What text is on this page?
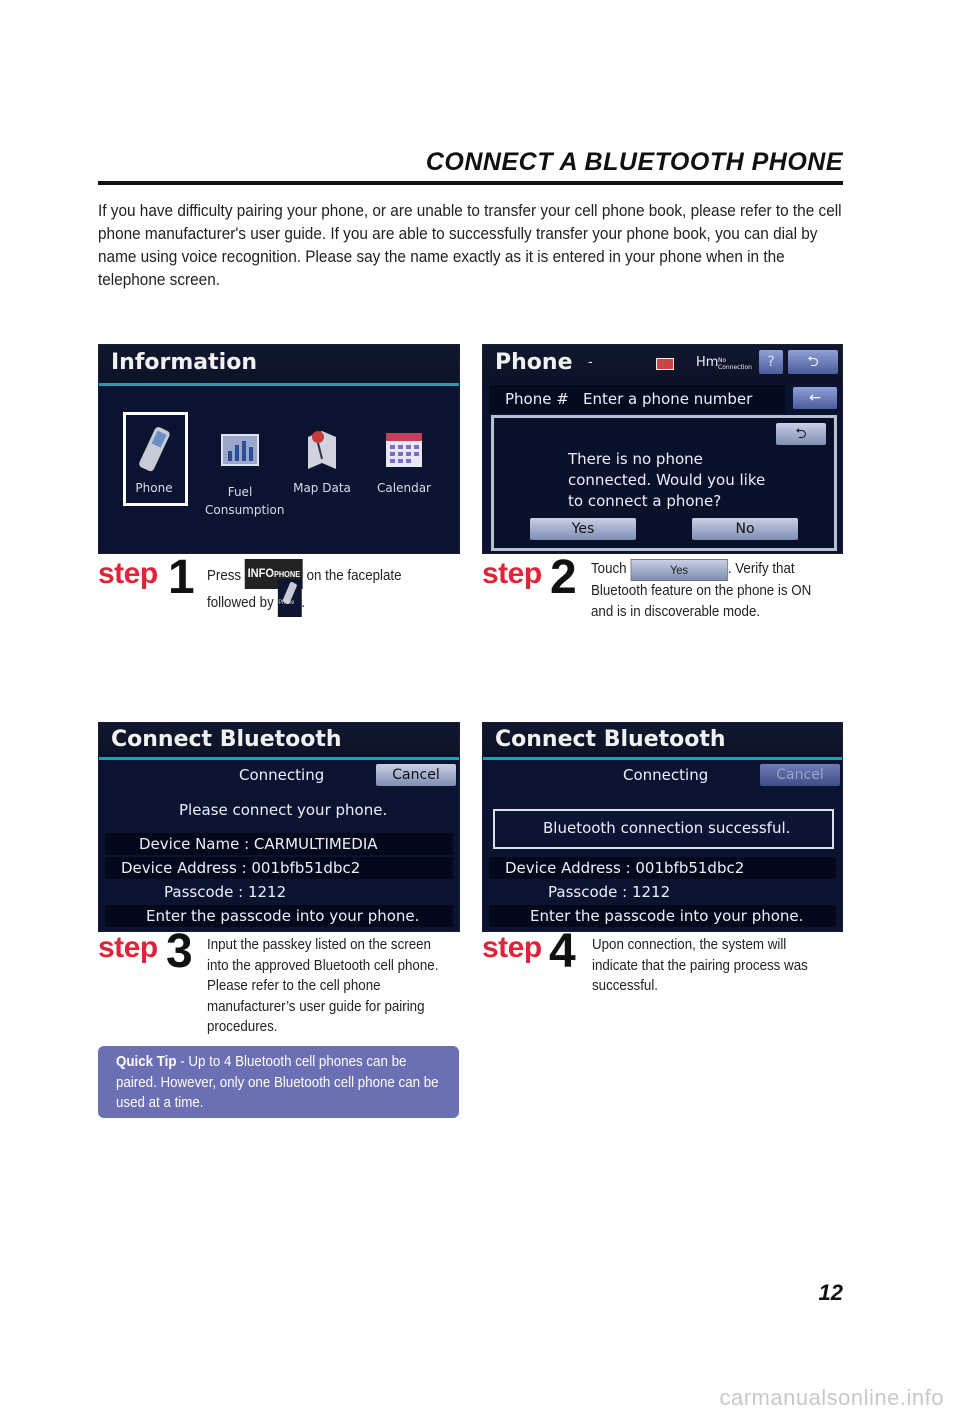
CONNECT A BLUETOOTH PHONE
If you have difficulty pairing your phone, or are unable to transfer your cell phone book, please refer to the cell phone manufacturer's user guide. If you are able to successfully transfer your phone book, you can dial by name using voice recognition. Please say the name exactly as it is entered in your phone when in the telephone screen.
Information
Phone	Fuel
Consumption
Map Data	Calendar
Phone -	Hm No Connection	?	⮌
Phone # Enter a phone number	←
⮌
There is no phone
connected. Would you like
to connect a phone?
Yes	No
step 1 Press INFOPHONE on the faceplate
followed by Phone .
step 2 Touch	Yes	. Verify that
Bluetooth feature on the phone is ON
and is in discoverable mode.
Connect Bluetooth
Connecting	Cancel
Please connect your phone.
Device Name : CARMULTIMEDIA
Device Address : 001bfb51dbc2
Passcode : 1212
Enter the passcode into your phone.
Connect Bluetooth
Connecting	Cancel
Bluetooth connection successful.
Device Address : 001bfb51dbc2
Passcode : 1212
Enter the passcode into your phone.
step 3 Input the passkey listed on the screen into the approved Bluetooth cell phone. Please refer to the cell phone manufacturer’s user guide for pairing procedures.
step 4 Upon connection, the system will indicate that the pairing process was successful.
Quick Tip - Up to 4 Bluetooth cell phones can be paired. However, only one Bluetooth cell phone can be used at a time.
12
carmanualsonline.info
